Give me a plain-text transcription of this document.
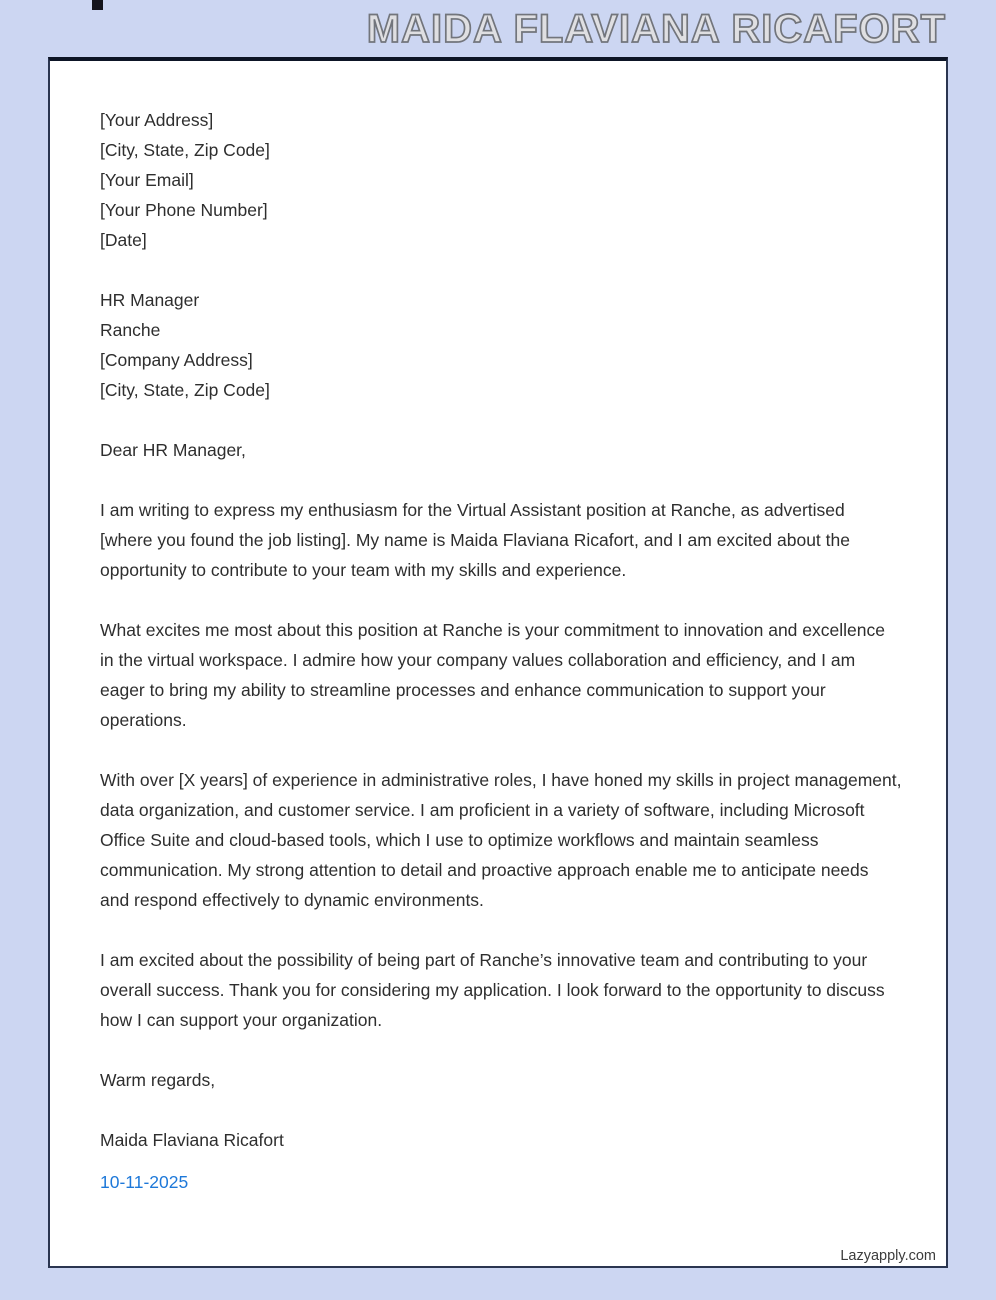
MAIDA FLAVIANA RICAFORT

[Your Address]

[City, State, Zip Code]

[Your Email]

[Your Phone Number]

[Date]

HR Manager

Ranche

[Company Address]

[City, State, Zip Code]

Dear HR Manager,

I am writing to express my enthusiasm for the Virtual Assistant position at Ranche, as advertised [where you found the job listing]. My name is Maida Flaviana Ricafort, and I am excited about the opportunity to contribute to your team with my skills and experience.

What excites me most about this position at Ranche is your commitment to innovation and excellence in the virtual workspace. I admire how your company values collaboration and efficiency, and I am eager to bring my ability to streamline processes and enhance communication to support your operations.

With over [X years] of experience in administrative roles, I have honed my skills in project management, data organization, and customer service. I am proficient in a variety of software, including Microsoft Office Suite and cloud-based tools, which I use to optimize workflows and maintain seamless communication. My strong attention to detail and proactive approach enable me to anticipate needs and respond effectively to dynamic environments.

I am excited about the possibility of being part of Ranche’s innovative team and contributing to your overall success. Thank you for considering my application. I look forward to the opportunity to discuss how I can support your organization.

Warm regards,

Maida Flaviana Ricafort

10-11-2025

Lazyapply.com
